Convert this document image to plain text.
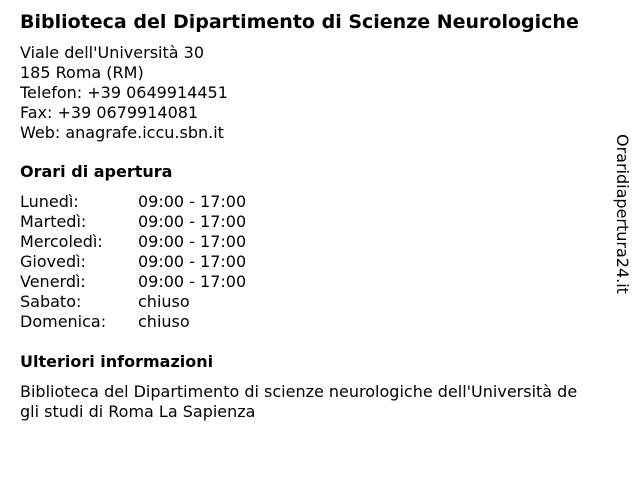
Biblioteca del Dipartimento di Scienze Neurologiche
Viale dell'Università 30
185 Roma (RM)
Telefon: +39 0649914451
Fax: +39 0679914081
Web: anagrafe.iccu.sbn.it
Orari di apertura
Lunedì:	09:00 - 17:00
Martedì:	09:00 - 17:00
Mercoledì:	09:00 - 17:00
Giovedì:	09:00 - 17:00
Venerdì:	09:00 - 17:00
Sabato:	chiuso
Domenica:	chiuso
Ulteriori informazioni
Biblioteca del Dipartimento di scienze neurologiche dell'Università degli studi di Roma La Sapienza
Oraridiapertura24.it
